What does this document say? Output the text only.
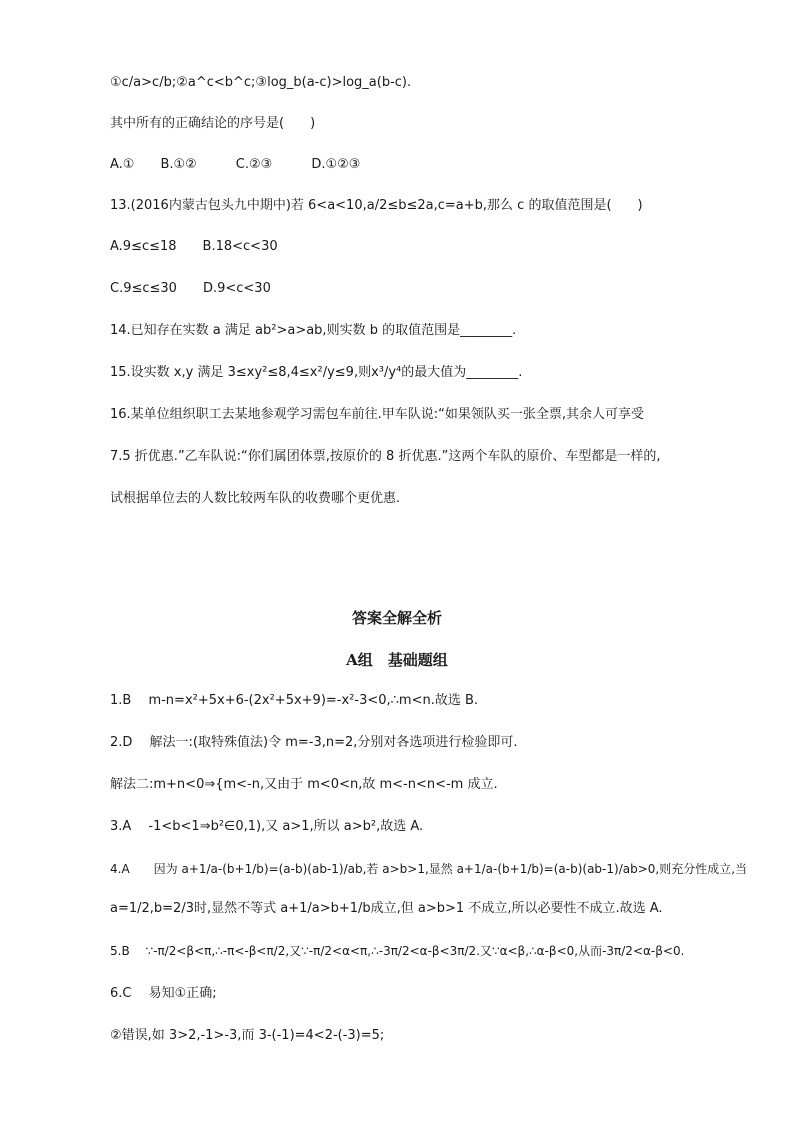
①c/a>c/b;②a^c<b^c;③log_b(a-c)>log_a(b-c).

其中所有的正确结论的序号是(　　)

A.①　　B.①②　　　C.②③　　　D.①②③

13.(2016内蒙古包头九中期中)若 6<a<10,a/2≤b≤2a,c=a+b,那么 c 的取值范围是(　　)

A.9≤c≤18　　B.18<c<30

C.9≤c≤30　　D.9<c<30

14.已知存在实数 a 满足 ab²>a>ab,则实数 b 的取值范围是________.

15.设实数 x,y 满足 3≤xy²≤8,4≤x²/y≤9,则x³/y⁴的最大值为________.

16.某单位组织职工去某地参观学习需包车前往.甲车队说:“如果领队买一张全票,其余人可享受

7.5 折优惠.”乙车队说:“你们属团体票,按原价的 8 折优惠.”这两个车队的原价、车型都是一样的,

试根据单位去的人数比较两车队的收费哪个更优惠.

答案全解全析
A组　基础题组

1.B　 m-n=x²+5x+6-(2x²+5x+9)=-x²-3<0,∴m<n.故选 B.

2.D　 解法一:(取特殊值法)令 m=-3,n=2,分别对各选项进行检验即可.

解法二:m+n<0⇒{m<-n,又由于 m<0<n,故 m<-n<n<-m 成立.

3.A　 -1<b<1⇒b²∈0,1),又 a>1,所以 a>b²,故选 A.

4.A　　因为 a+1/a-(b+1/b)=(a-b)(ab-1)/ab,若 a>b>1,显然 a+1/a-(b+1/b)=(a-b)(ab-1)/ab>0,则充分性成立,当

a=1/2,b=2/3时,显然不等式 a+1/a>b+1/b成立,但 a>b>1 不成立,所以必要性不成立.故选 A.

5.B　 ∵-π/2<β<π,∴-π<-β<π/2,又∵-π/2<α<π,∴-3π/2<α-β<3π/2.又∵α<β,∴α-β<0,从而-3π/2<α-β<0.

6.C　 易知①正确;

②错误,如 3>2,-1>-3,而 3-(-1)=4<2-(-3)=5;
